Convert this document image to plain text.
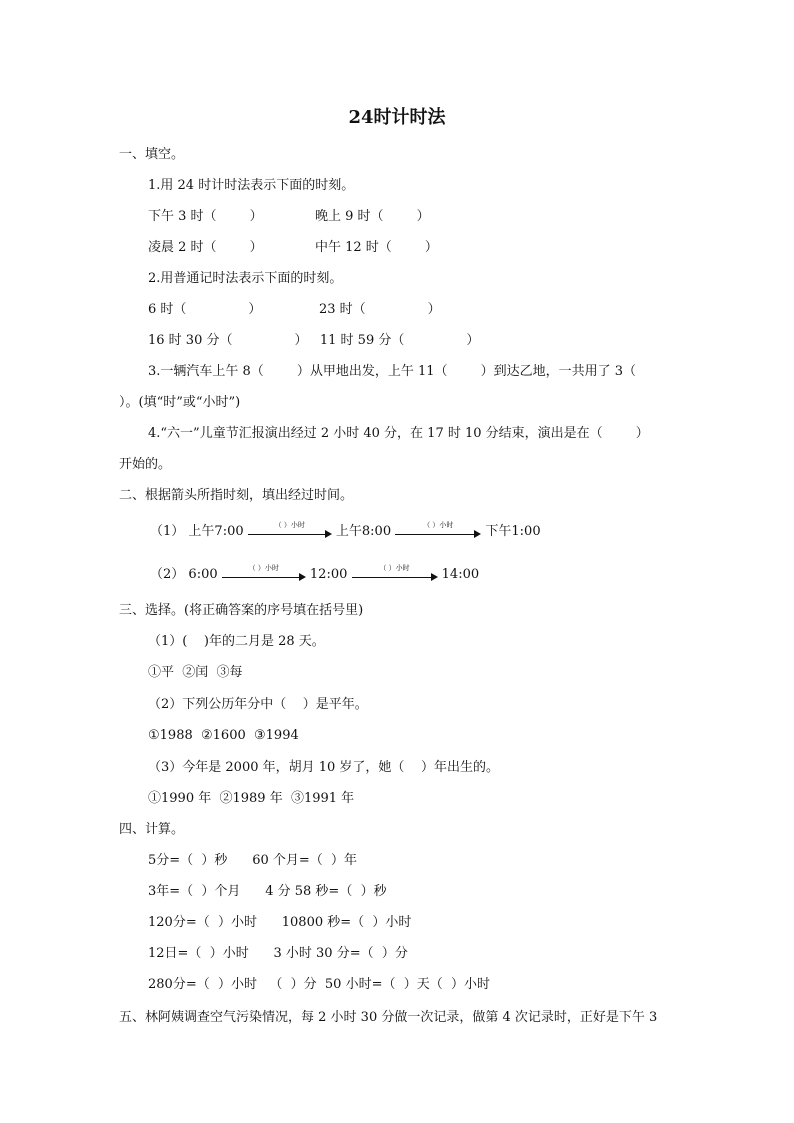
24时计时法
一、填空。
1.用 24 时计时法表示下面的时刻。
下午 3 时（        ）	晚上 9 时（        ）
凌晨 2 时（        ）	中午 12 时（        ）
2.用普通记时法表示下面的时刻。
6 时（               ）	23 时（               ）
16 时 30 分（               ）   11 时 59 分（               ）
3.一辆汽车上午 8（        ）从甲地出发，上午 11（        ）到达乙地，一共用了 3（
）。(填“时”或“小时”)
4.“六一”儿童节汇报演出经过 2 小时 40 分，在 17 时 10 分结束，演出是在（        ）
开始的。
二、根据箭头所指时刻，填出经过时间。
（1） 上午7:00	（ ）小时	上午8:00	（ ）小时	下午1:00
（2） 6:00	（ ）小时	12:00	（ ）小时	14:00
三、选择。(将正确答案的序号填在括号里)
（1）(    )年的二月是 28 天。
①平  ②闰  ③每
（2）下列公历年分中（    ）是平年。
①1988  ②1600  ③1994
（3）今年是 2000 年，胡月 10 岁了，她（    ）年出生的。
①1990 年  ②1989 年  ③1991 年
四、计算。
5分=（  ）秒      60 个月=（  ）年
3年=（  ）个月      4 分 58 秒=（  ）秒
120分=（  ）小时      10800 秒=（  ）小时
12日=（  ）小时      3 小时 30 分=（  ）分
280分=（  ）小时   （  ）分  50 小时=（  ）天（  ）小时
五、林阿姨调查空气污染情况，每 2 小时 30 分做一次记录，做第 4 次记录时，正好是下午 3
